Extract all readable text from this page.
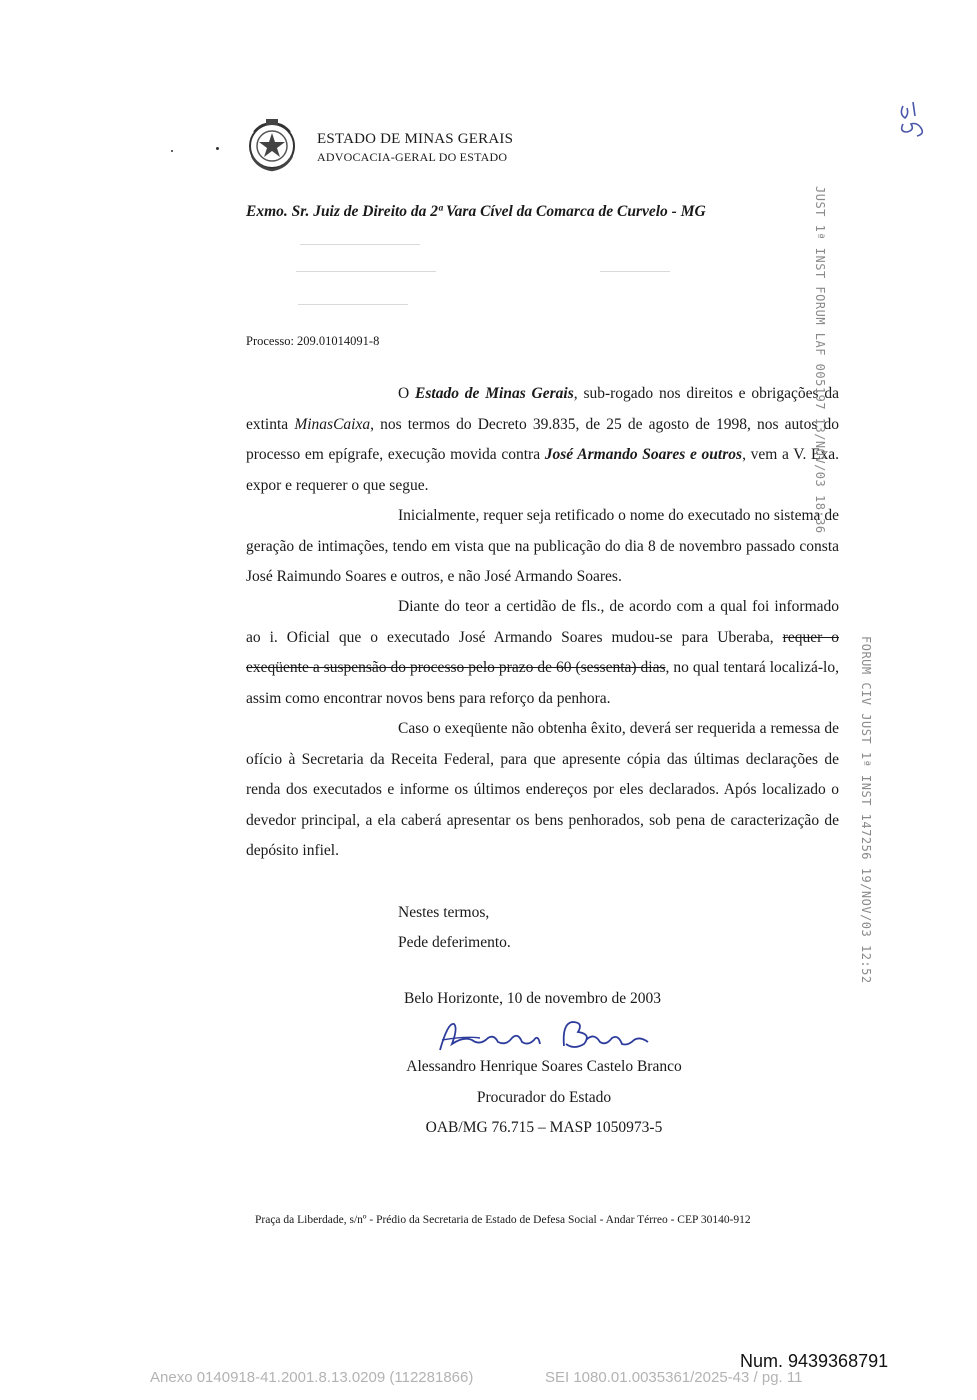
ESTADO DE MINAS GERAIS
ADVOCACIA-GERAL DO ESTADO
Exmo. Sr. Juiz de Direito da 2ª Vara Cível da Comarca de Curvelo - MG
Processo: 209.01014091-8

O Estado de Minas Gerais, sub-rogado nos direitos e obrigações da extinta MinasCaixa, nos termos do Decreto 39.835, de 25 de agosto de 1998, nos autos do processo em epígrafe, execução movida contra José Armando Soares e outros, vem a V. Exa. expor e requerer o que segue.

Inicialmente, requer seja retificado o nome do executado no sistema de geração de intimações, tendo em vista que na publicação do dia 8 de novembro passado consta José Raimundo Soares e outros, e não José Armando Soares.

Diante do teor a certidão de fls., de acordo com a qual foi informado ao i. Oficial que o executado José Armando Soares mudou-se para Uberaba, requer o exeqüente a suspensão do processo pelo prazo de 60 (sessenta) dias, no qual tentará localizá-lo, assim como encontrar novos bens para reforço da penhora.

Caso o exeqüente não obtenha êxito, deverá ser requerida a remessa de ofício à Secretaria da Receita Federal, para que apresente cópia das últimas declarações de renda dos executados e informe os últimos endereços por eles declarados. Após localizado o devedor principal, a ela caberá apresentar os bens penhorados, sob pena de caracterização de depósito infiel.

Nestes termos,
Pede deferimento.
Belo Horizonte, 10 de novembro de 2003
Alessandro Henrique Soares Castelo Branco
Procurador do Estado
OAB/MG 76.715 – MASP 1050973-5
Praça da Liberdade, s/nº - Prédio da Secretaria de Estado de Defesa Social - Andar Térreo - CEP 30140-912
JUST 1ª INST FORUM LAF 005197 13/NOV/03 18:36
FORUM CIV JUST 1ª INST 147256 19/NOV/03 12:52
Num. 9439368791
Anexo 0140918-41.2001.8.13.0209 (112281866)	SEI 1080.01.0035361/2025-43 / pg. 11
